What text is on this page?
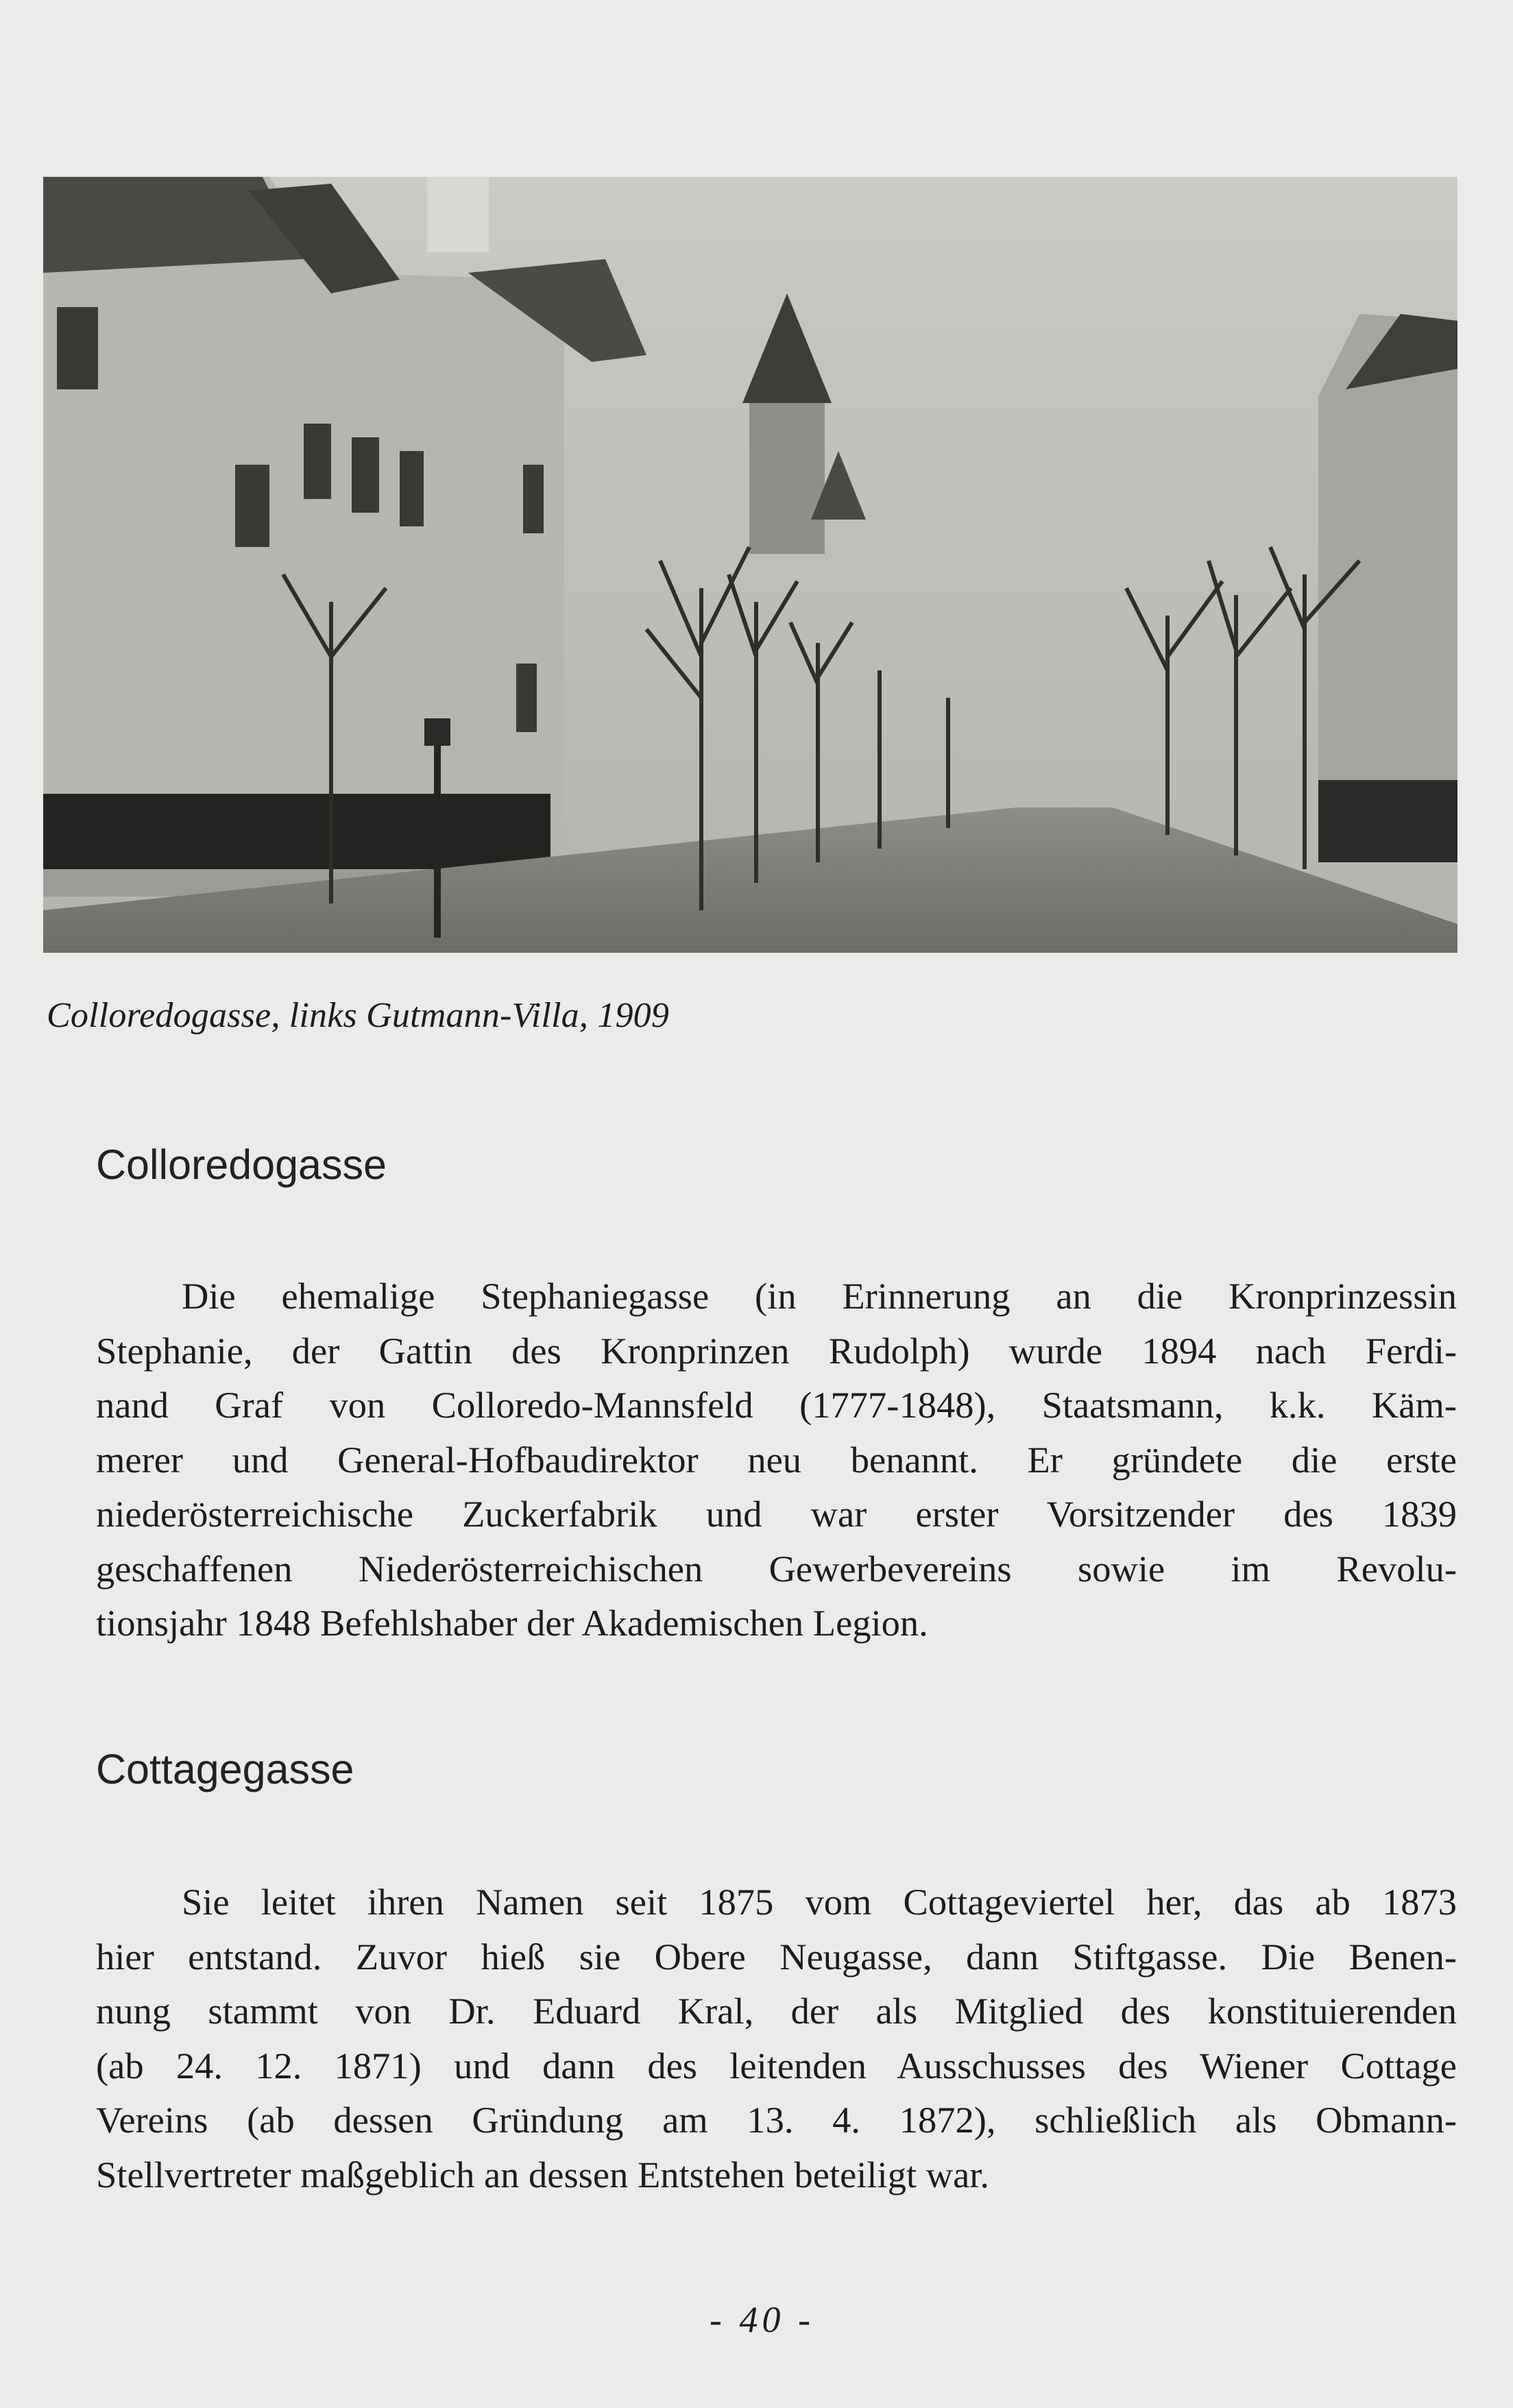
Colloredogasse, links Gutmann-Villa, 1909
Colloredogasse
Die ehemalige Stephaniegasse (in Erinnerung an die Kronprinzessin
Stephanie, der Gattin des Kronprinzen Rudolph) wurde 1894 nach Ferdi-
nand Graf von Colloredo-Mannsfeld (1777-1848), Staatsmann, k.k. Käm-
merer und General-Hofbaudirektor neu benannt. Er gründete die erste
niederösterreichische Zuckerfabrik und war erster Vorsitzender des 1839
geschaffenen Niederösterreichischen Gewerbevereins sowie im Revolu-
tionsjahr 1848 Befehlshaber der Akademischen Legion.
Cottagegasse
Sie leitet ihren Namen seit 1875 vom Cottageviertel her, das ab 1873
hier entstand. Zuvor hieß sie Obere Neugasse, dann Stiftgasse. Die Benen-
nung stammt von Dr. Eduard Kral, der als Mitglied des konstituierenden
(ab 24. 12. 1871) und dann des leitenden Ausschusses des Wiener Cottage
Vereins (ab dessen Gründung am 13. 4. 1872), schließlich als Obmann-
Stellvertreter maßgeblich an dessen Entstehen beteiligt war.
- 40 -
